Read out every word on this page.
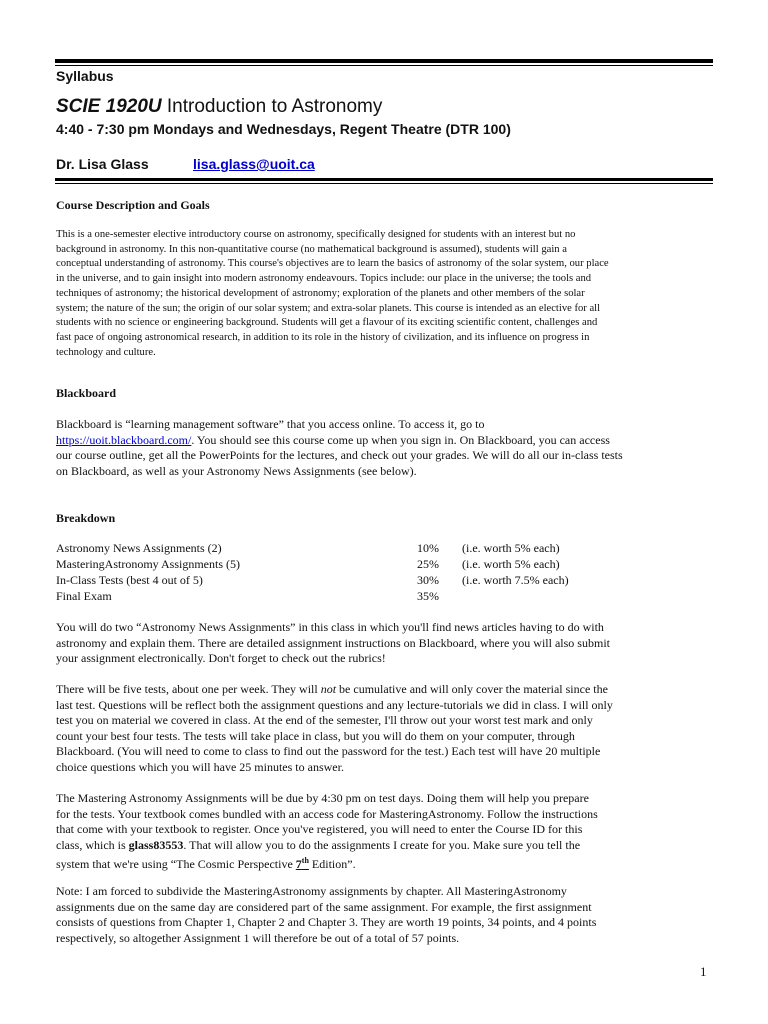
Syllabus
SCIE 1920U Introduction to Astronomy
4:40 - 7:30 pm Mondays and Wednesdays, Regent Theatre (DTR 100)
Dr. Lisa Glass	lisa.glass@uoit.ca
Course Description and Goals
This is a one-semester elective introductory course on astronomy, specifically designed for students with an interest but no
background in astronomy. In this non-quantitative course (no mathematical background is assumed), students will gain a
conceptual understanding of astronomy. This course's objectives are to learn the basics of astronomy of the solar system, our place
in the universe, and to gain insight into modern astronomy endeavours. Topics include: our place in the universe; the tools and
techniques of astronomy; the historical development of astronomy; exploration of the planets and other members of the solar
system; the nature of the sun; the origin of our solar system; and extra-solar planets. This course is intended as an elective for all
students with no science or engineering background. Students will get a flavour of its exciting scientific content, challenges and
fast pace of ongoing astronomical research, in addition to its role in the history of civilization, and its influence on progress in
technology and culture.
Blackboard
Blackboard is “learning management software” that you access online. To access it, go to
https://uoit.blackboard.com/. You should see this course come up when you sign in. On Blackboard, you can access
our course outline, get all the PowerPoints for the lectures, and check out your grades. We will do all our in-class tests
on Blackboard, as well as your Astronomy News Assignments (see below).
Breakdown
Astronomy News Assignments (2)	10% (i.e. worth 5% each)
MasteringAstronomy Assignments (5)	25% (i.e. worth 5% each)
In-Class Tests (best 4 out of 5)	30% (i.e. worth 7.5% each)
Final Exam	35%
You will do two “Astronomy News Assignments” in this class in which you'll find news articles having to do with
astronomy and explain them. There are detailed assignment instructions on Blackboard, where you will also submit
your assignment electronically. Don't forget to check out the rubrics!
There will be five tests, about one per week. They will not be cumulative and will only cover the material since the
last test. Questions will be reflect both the assignment questions and any lecture-tutorials we did in class. I will only
test you on material we covered in class. At the end of the semester, I'll throw out your worst test mark and only
count your best four tests. The tests will take place in class, but you will do them on your computer, through
Blackboard. (You will need to come to class to find out the password for the test.) Each test will have 20 multiple
choice questions which you will have 25 minutes to answer.
The Mastering Astronomy Assignments will be due by 4:30 pm on test days. Doing them will help you prepare
for the tests. Your textbook comes bundled with an access code for MasteringAstronomy. Follow the instructions
that come with your textbook to register. Once you've registered, you will need to enter the Course ID for this
class, which is glass83553. That will allow you to do the assignments I create for you. Make sure you tell the
system that we're using “The Cosmic Perspective 7th Edition”.
Note: I am forced to subdivide the MasteringAstronomy assignments by chapter. All MasteringAstronomy
assignments due on the same day are considered part of the same assignment. For example, the first assignment
consists of questions from Chapter 1, Chapter 2 and Chapter 3. They are worth 19 points, 34 points, and 4 points
respectively, so altogether Assignment 1 will therefore be out of a total of 57 points.
1
